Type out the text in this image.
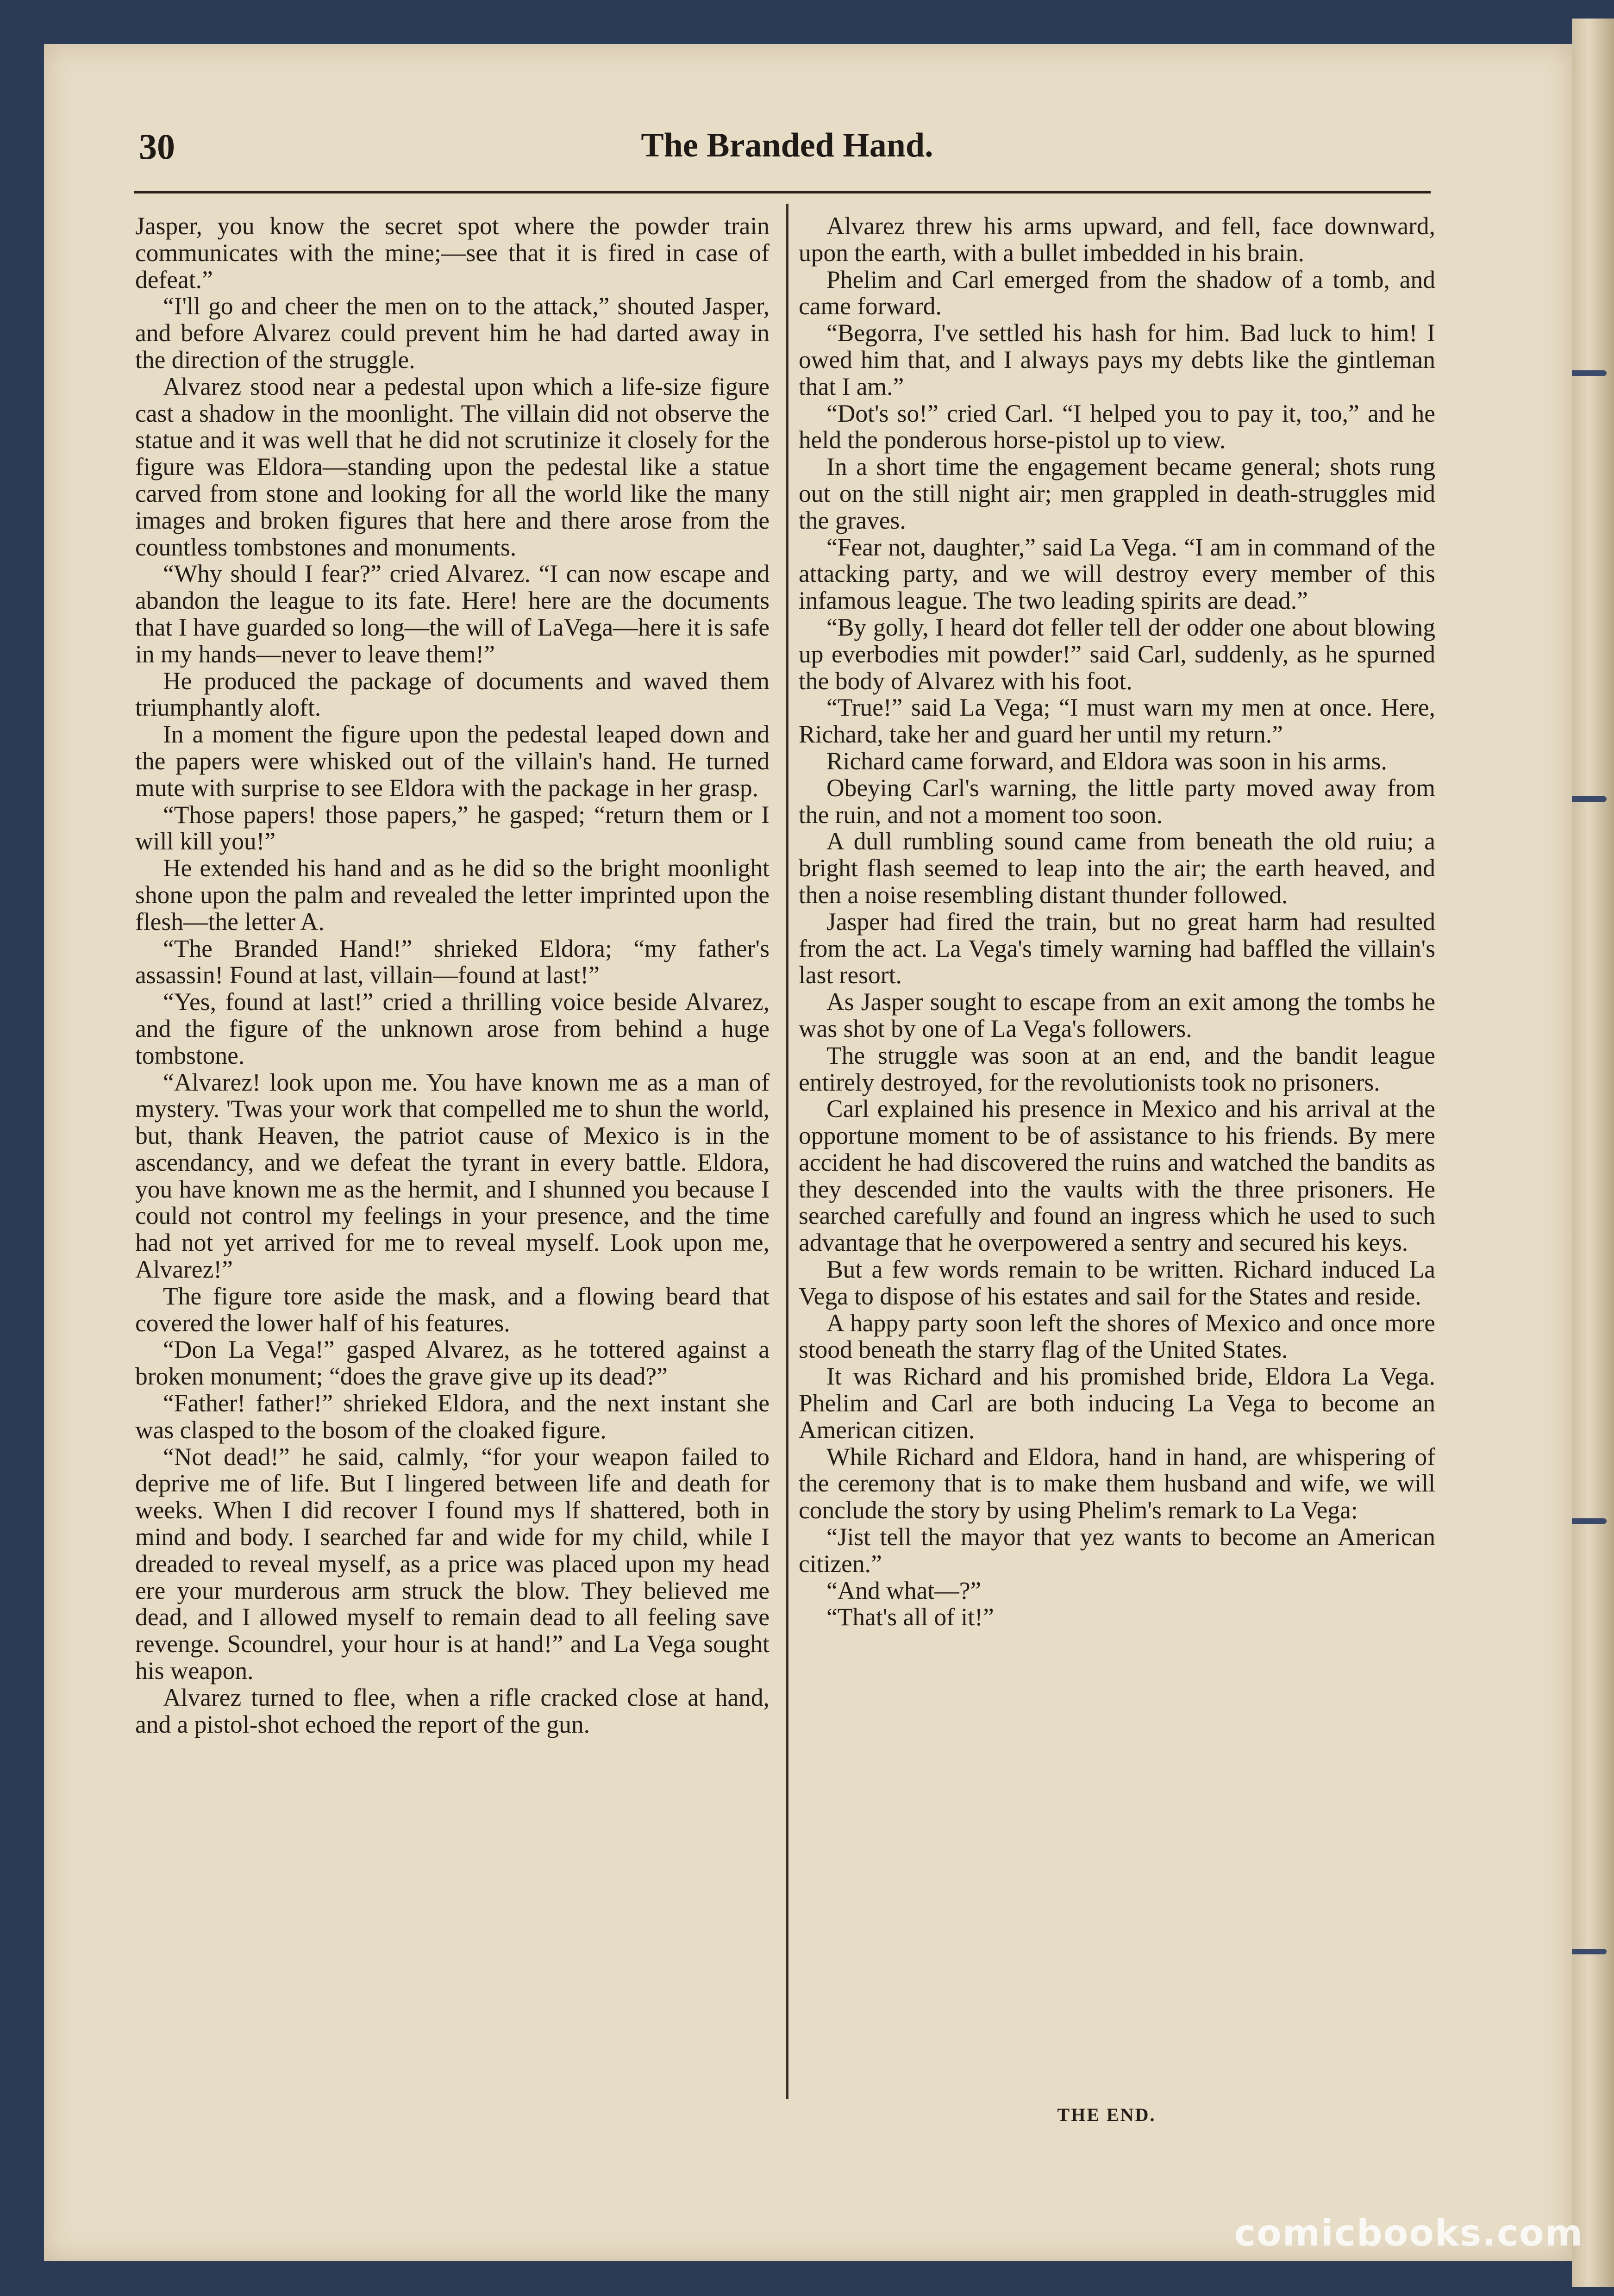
30	The Branded Hand.

Jasper, you know the secret spot where the powder train communicates with the mine;—see that it is fired in case of defeat.”

“I'll go and cheer the men on to the attack,” shouted Jasper, and before Alvarez could prevent him he had darted away in the direction of the struggle.

Alvarez stood near a pedestal upon which a life-size figure cast a shadow in the moonlight. The villain did not observe the statue and it was well that he did not scrutinize it closely for the figure was Eldora—standing upon the pedestal like a statue carved from stone and looking for all the world like the many images and broken figures that here and there arose from the countless tombstones and monuments.

“Why should I fear?” cried Alvarez. “I can now escape and abandon the league to its fate. Here! here are the documents that I have guarded so long—the will of LaVega—here it is safe in my hands—never to leave them!”

He produced the package of documents and waved them triumphantly aloft.

In a moment the figure upon the pedestal leaped down and the papers were whisked out of the villain's hand. He turned mute with surprise to see Eldora with the package in her grasp.

“Those papers! those papers,” he gasped; “return them or I will kill you!”

He extended his hand and as he did so the bright moonlight shone upon the palm and revealed the letter imprinted upon the flesh—the letter A.

“The Branded Hand!” shrieked Eldora; “my father's assassin! Found at last, villain—found at last!”

“Yes, found at last!” cried a thrilling voice beside Alvarez, and the figure of the unknown arose from behind a huge tombstone.

“Alvarez! look upon me. You have known me as a man of mystery. 'Twas your work that compelled me to shun the world, but, thank Heaven, the patriot cause of Mexico is in the ascendancy, and we defeat the tyrant in every battle. Eldora, you have known me as the hermit, and I shunned you because I could not control my feelings in your presence, and the time had not yet arrived for me to reveal myself. Look upon me, Alvarez!”

The figure tore aside the mask, and a flowing beard that covered the lower half of his features.

“Don La Vega!” gasped Alvarez, as he tottered against a broken monument; “does the grave give up its dead?”

“Father! father!” shrieked Eldora, and the next instant she was clasped to the bosom of the cloaked figure.

“Not dead!” he said, calmly, “for your weapon failed to deprive me of life. But I lingered between life and death for weeks. When I did recover I found mys lf shattered, both in mind and body. I searched far and wide for my child, while I dreaded to reveal myself, as a price was placed upon my head ere your murderous arm struck the blow. They believed me dead, and I allowed myself to remain dead to all feeling save revenge. Scoundrel, your hour is at hand!” and La Vega sought his weapon.

Alvarez turned to flee, when a rifle cracked close at hand, and a pistol-shot echoed the report of the gun.

Alvarez threw his arms upward, and fell, face downward, upon the earth, with a bullet imbedded in his brain.

Phelim and Carl emerged from the shadow of a tomb, and came forward.

“Begorra, I've settled his hash for him. Bad luck to him! I owed him that, and I always pays my debts like the gintleman that I am.”

“Dot's so!” cried Carl. “I helped you to pay it, too,” and he held the ponderous horse-pistol up to view.

In a short time the engagement became general; shots rung out on the still night air; men grappled in death-struggles mid the graves.

“Fear not, daughter,” said La Vega. “I am in command of the attacking party, and we will destroy every member of this infamous league. The two leading spirits are dead.”

“By golly, I heard dot feller tell der odder one about blowing up everbodies mit powder!” said Carl, suddenly, as he spurned the body of Alvarez with his foot.

“True!” said La Vega; “I must warn my men at once. Here, Richard, take her and guard her until my return.”

Richard came forward, and Eldora was soon in his arms.

Obeying Carl's warning, the little party moved away from the ruin, and not a moment too soon.

A dull rumbling sound came from beneath the old ruiu; a bright flash seemed to leap into the air; the earth heaved, and then a noise resembling distant thunder followed.

Jasper had fired the train, but no great harm had resulted from the act. La Vega's timely warning had baffled the villain's last resort.

As Jasper sought to escape from an exit among the tombs he was shot by one of La Vega's followers.

The struggle was soon at an end, and the bandit league entirely destroyed, for the revolutionists took no prisoners.

Carl explained his presence in Mexico and his arrival at the opportune moment to be of assistance to his friends. By mere accident he had discovered the ruins and watched the bandits as they descended into the vaults with the three prisoners. He searched carefully and found an ingress which he used to such advantage that he overpowered a sentry and secured his keys.

But a few words remain to be written. Richard induced La Vega to dispose of his estates and sail for the States and reside.

A happy party soon left the shores of Mexico and once more stood beneath the starry flag of the United States.

It was Richard and his promished bride, Eldora La Vega. Phelim and Carl are both inducing La Vega to become an American citizen.

While Richard and Eldora, hand in hand, are whispering of the ceremony that is to make them husband and wife, we will conclude the story by using Phelim's remark to La Vega:

“Jist tell the mayor that yez wants to become an American citizen.”

“And what—?”

“That's all of it!”

THE END.
comicbooks.com
